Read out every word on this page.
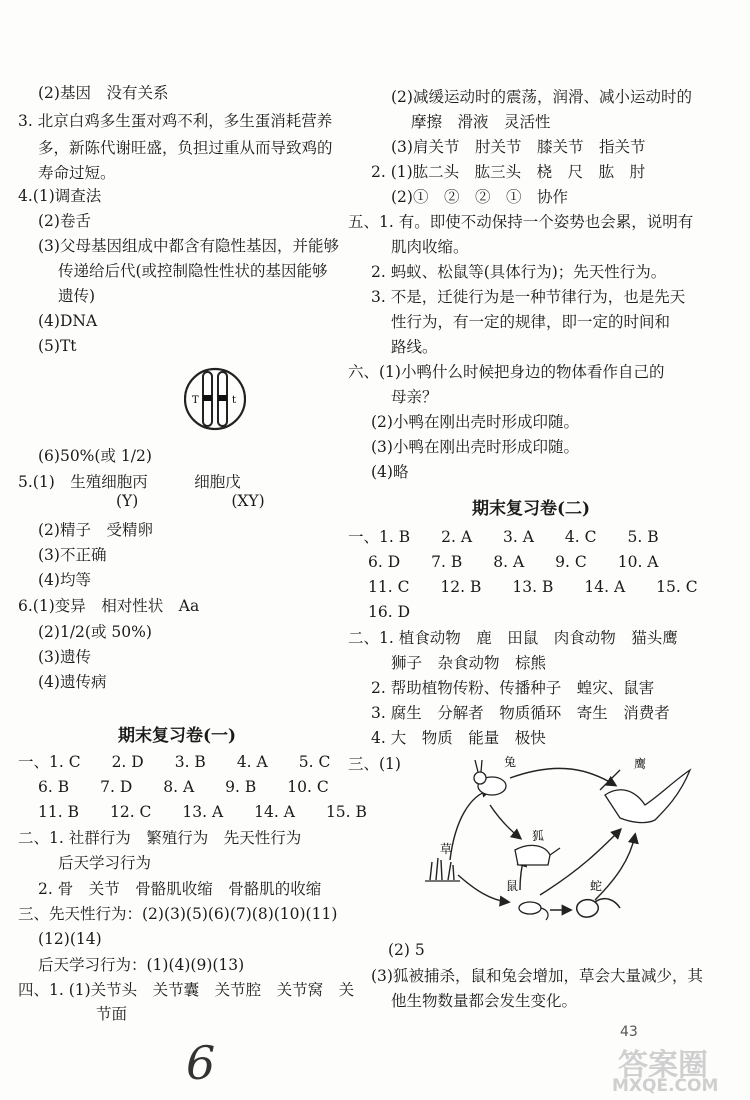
(2)基因　没有关系
3. 北京白鸡多生蛋对鸡不利，多生蛋消耗营养
多，新陈代谢旺盛，负担过重从而导致鸡的
寿命过短。
4.(1)调查法
(2)卷舌
(3)父母基因组成中都含有隐性基因，并能够
传递给后代(或控制隐性性状的基因能够
遗传)
(4)DNA
(5)Tt
T	t
(6)50%(或 1/2)
5.(1)　生殖细胞丙　　　细胞戊
(Y)　　　　　　(XY)
(2)精子　受精卵
(3)不正确
(4)均等
6.(1)变异　相对性状　Aa
(2)1/2(或 50%)
(3)遗传
(4)遗传病
期末复习卷(一)
一、1. C　　2. D　　3. B　　4. A　　5. C
6. B　　7. D　　8. A　　9. B　　10. C
11. B　　12. C　　13. A　　14. A　　15. B
二、1. 社群行为　繁殖行为　先天性行为
后天学习行为
2. 骨　关节　骨骼肌收缩　骨骼肌的收缩
三、先天性行为：(2)(3)(5)(6)(7)(8)(10)(11)
(12)(14)
后天学习行为：(1)(4)(9)(13)
四、1. (1)关节头　关节囊　关节腔　关节窝　关
节面
6
(2)减缓运动时的震荡，润滑、减小运动时的
摩擦　滑液　灵活性
(3)肩关节　肘关节　膝关节　指关节
2. (1)肱二头　肱三头　桡　尺　肱　肘
(2)①　②　②　①　协作
五、1. 有。即使不动保持一个姿势也会累，说明有
肌肉收缩。
2. 蚂蚁、松鼠等(具体行为)；先天性行为。
3. 不是，迁徙行为是一种节律行为，也是先天
性行为，有一定的规律，即一定的时间和
路线。
六、(1)小鸭什么时候把身边的物体看作自己的
母亲？
(2)小鸭在刚出壳时形成印随。
(3)小鸭在刚出壳时形成印随。
(4)略
期末复习卷(二)
一、1. B　　2. A　　3. A　　4. C　　5. B
6. D　　7. B　　8. A　　9. C　　10. A
11. C　　12. B　　13. B　　14. A　　15. C
16. D
二、1. 植食动物　鹿　田鼠　肉食动物　猫头鹰
狮子　杂食动物　棕熊
2. 帮助植物传粉、传播种子　蝗灾、鼠害
3. 腐生　分解者　物质循环　寄生　消费者
4. 大　物质　能量　极快
三、(1)	兔	鹰
狐
草
鼠	蛇
(2) 5
(3)狐被捕杀，鼠和兔会增加，草会大量减少，其
他生物数量都会发生变化。
43
答案圈
MXQE.COM
